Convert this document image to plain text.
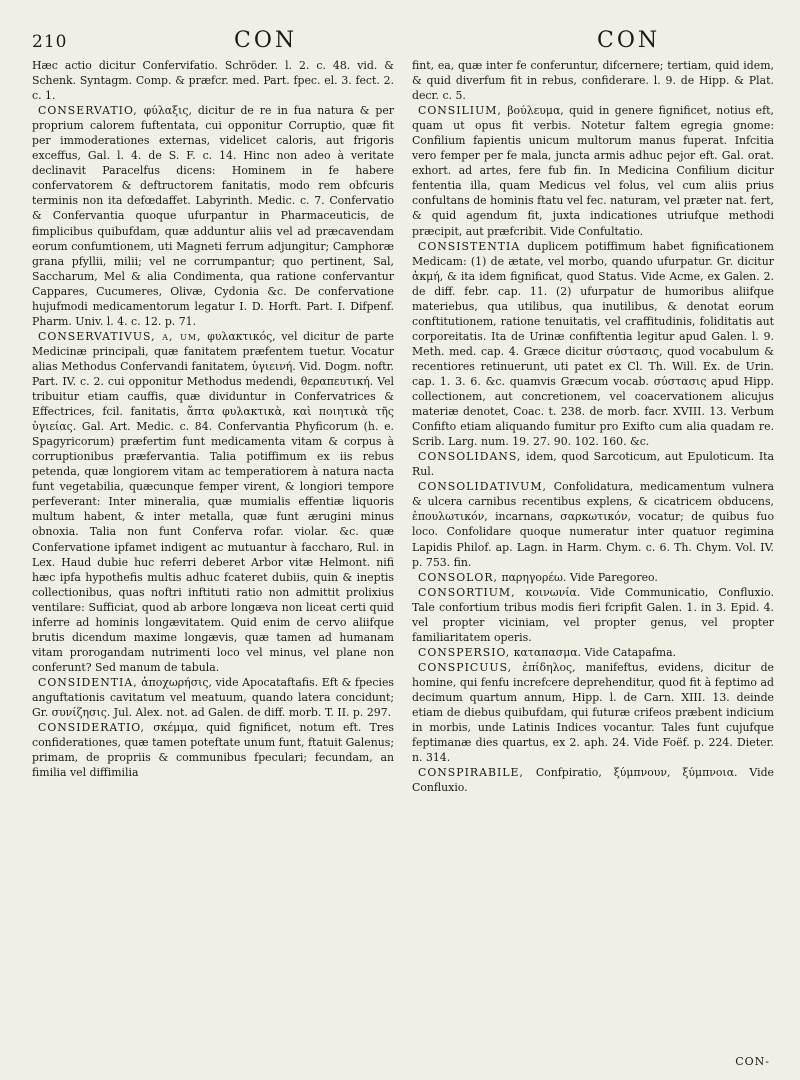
210	CON	CON

Hæc actio dicitur Confervifatio. Schröder. l. 2. c. 48. vid. & Schenk. Syntagm. Comp. & præfcr. med. Part. fpec. el. 3. fect. 2. c. 1.

CONSERVATIO, φύλαξις, dicitur de re in fua natura & per proprium calorem fuftentata, cui opponitur Corruptio, quæ fit per immoderationes externas, videlicet caloris, aut frigoris exceffus, Gal. l. 4. de S. F. c. 14. Hinc non adeo à veritate declinavit Paracelfus dicens: Hominem in fe habere confervatorem & deftructorem fanitatis, modo rem obfcuris terminis non ita defœdaffet. Labyrinth. Medic. c. 7. Confervatio & Confervantia quoque ufurpantur in Pharmaceuticis, de fimplicibus quibufdam, quæ adduntur aliis vel ad præcavendam eorum confumtionem, uti Magneti ferrum adjungitur; Camphoræ grana pfyllii, milii; vel ne corrumpantur; quo pertinent, Sal, Saccharum, Mel & alia Condimenta, qua ratione confervantur Cappares, Cucumeres, Olivæ, Cydonia &c. De confervatione hujufmodi medicamentorum legatur I. D. Horft. Part. I. Difpenf. Pharm. Univ. l. 4. c. 12. p. 71.

CONSERVATIVUS, a, um, φυλακτικός, vel dicitur de parte Medicinæ principali, quæ fanitatem præfentem tuetur. Vocatur alias Methodus Confervandi fanitatem, ὑγιεινή. Vid. Dogm. noftr. Part. IV. c. 2. cui opponitur Methodus medendi, θεραπευτική. Vel tribuitur etiam cauffis, quæ dividuntur in Confervatrices & Effectrices, fcil. fanitatis, ἅπτα φυλακτικὰ, καὶ ποιητικὰ τῆς ὑγιείας. Gal. Art. Medic. c. 84. Confervantia Phyficorum (h. e. Spagyricorum) præfertim funt medicamenta vitam & corpus à corruptionibus præfervantia. Talia potiffimum ex iis rebus petenda, quæ longiorem vitam ac temperatiorem à natura nacta funt vegetabilia, quæcunque femper virent, & longiori tempore perfeverant: Inter mineralia, quæ mumialis effentiæ liquoris multum habent, & inter metalla, quæ funt ærugini minus obnoxia. Talia non funt Conferva rofar. violar. &c. quæ Confervatione ipfamet indigent ac mutuantur à faccharo, Rul. in Lex. Haud dubie huc referri deberet Arbor vitæ Helmont. nifi hæc ipfa hypothefis multis adhuc fcateret dubiis, quin & ineptis collectionibus, quas noftri inftituti ratio non admittit prolixius ventilare: Sufficiat, quod ab arbore longæva non liceat certi quid inferre ad hominis longævitatem. Quid enim de cervo aliifque brutis dicendum maxime longævis, quæ tamen ad humanam vitam prorogandam nutrimenti loco vel minus, vel plane non conferunt? Sed manum de tabula.

CONSIDENTIA, ἀποχωρήσις, vide Apocataftafis. Eft & fpecies anguftationis cavitatum vel meatuum, quando latera concidunt; Gr. συνίζησις. Jul. Alex. not. ad Galen. de diff. morb. T. II. p. 297.

CONSIDERATIO, σκέμμα, quid fignificet, notum eft. Tres confiderationes, quæ tamen poteftate unum funt, ftatuit Galenus; primam, de propriis & communibus fpeculari; fecundam, an fimilia vel diffimilia

fint, ea, quæ inter fe conferuntur, difcernere; tertiam, quid idem, & quid diverfum fit in rebus, confiderare. l. 9. de Hipp. & Plat. decr. c. 5.

CONSILIUM, βούλευμα, quid in genere fignificet, notius eft, quam ut opus fit verbis. Notetur faltem egregia gnome: Confilium fapientis unicum multorum manus fuperat. Infcitia vero femper per fe mala, juncta armis adhuc pejor eft. Gal. orat. exhort. ad artes, fere fub fin. In Medicina Confilium dicitur fententia illa, quam Medicus vel folus, vel cum aliis prius confultans de hominis ftatu vel fec. naturam, vel præter nat. fert, & quid agendum fit, juxta indicationes utriufque methodi præcipit, aut præfcribit. Vide Confultatio.

CONSISTENTIA duplicem potiffimum habet fignificationem Medicam: (1) de ætate, vel morbo, quando ufurpatur. Gr. dicitur ἀκμή, & ita idem fignificat, quod Status. Vide Acme, ex Galen. 2. de diff. febr. cap. 11. (2) ufurpatur de humoribus aliifque materiebus, qua utilibus, qua inutilibus, & denotat eorum conftitutionem, ratione tenuitatis, vel craffitudinis, foliditatis aut corporeitatis. Ita de Urinæ confiftentia legitur apud Galen. l. 9. Meth. med. cap. 4. Græce dicitur σύστασις, quod vocabulum & recentiores retinuerunt, uti patet ex Cl. Th. Will. Ex. de Urin. cap. 1. 3. 6. &c. quamvis Græcum vocab. σύστασις apud Hipp. collectionem, aut concretionem, vel coacervationem alicujus materiæ denotet, Coac. t. 238. de morb. facr. XVIII. 13. Verbum Confifto etiam aliquando fumitur pro Exifto cum alia quadam re. Scrib. Larg. num. 19. 27. 90. 102. 160. &c.

CONSOLIDANS, idem, quod Sarcoticum, aut Epuloticum. Ita Rul.

CONSOLIDATIVUM, Confolidatura, medicamentum vulnera & ulcera carnibus recentibus explens, & cicatricem obducens, ἐπουλωτικόν, incarnans, σαρκωτικόν, vocatur; de quibus fuo loco. Confolidare quoque numeratur inter quatuor regimina Lapidis Philof. ap. Lagn. in Harm. Chym. c. 6. Th. Chym. Vol. IV. p. 753. fin.

CONSOLOR, παρηγορέω. Vide Paregoreo.

CONSORTIUM, κοινωνία. Vide Communicatio, Confluxio. Tale confortium tribus modis fieri fcripfit Galen. 1. in 3. Epid. 4. vel propter viciniam, vel propter genus, vel propter familiaritatem operis.

CONSPERSIO, καταπασμα. Vide Catapafma.

CONSPICUUS, ἐπίδηλος, manifeftus, evidens, dicitur de homine, qui fenfu increfcere deprehenditur, quod fit à feptimo ad decimum quartum annum, Hipp. l. de Carn. XIII. 13. deinde etiam de diebus quibufdam, qui futuræ crifeos præbent indicium in morbis, unde Latinis Indices vocantur. Tales funt cujufque feptimanæ dies quartus, ex 2. aph. 24. Vide Foëf. p. 224. Dieter. n. 314.

CONSPIRABILE, Confpiratio, ξύμπνουν, ξύμπνοια. Vide Confluxio.

CON-
